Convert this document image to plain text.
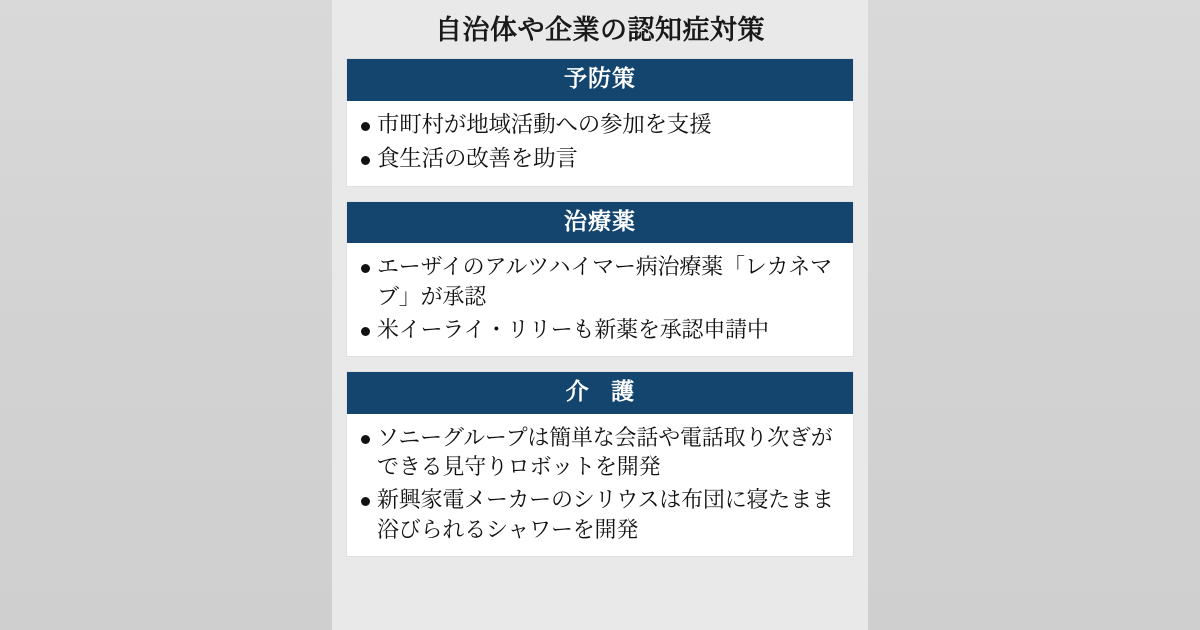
自治体や企業の認知症対策
予防策
市町村が地域活動への参加を支援
食生活の改善を助言
治療薬
エーザイのアルツハイマー病治療薬「レカネマブ」が承認
米イーライ・リリーも新薬を承認申請中
介 護
ソニーグループは簡単な会話や電話取り次ぎができる見守りロボットを開発
新興家電メーカーのシリウスは布団に寝たまま浴びられるシャワーを開発
